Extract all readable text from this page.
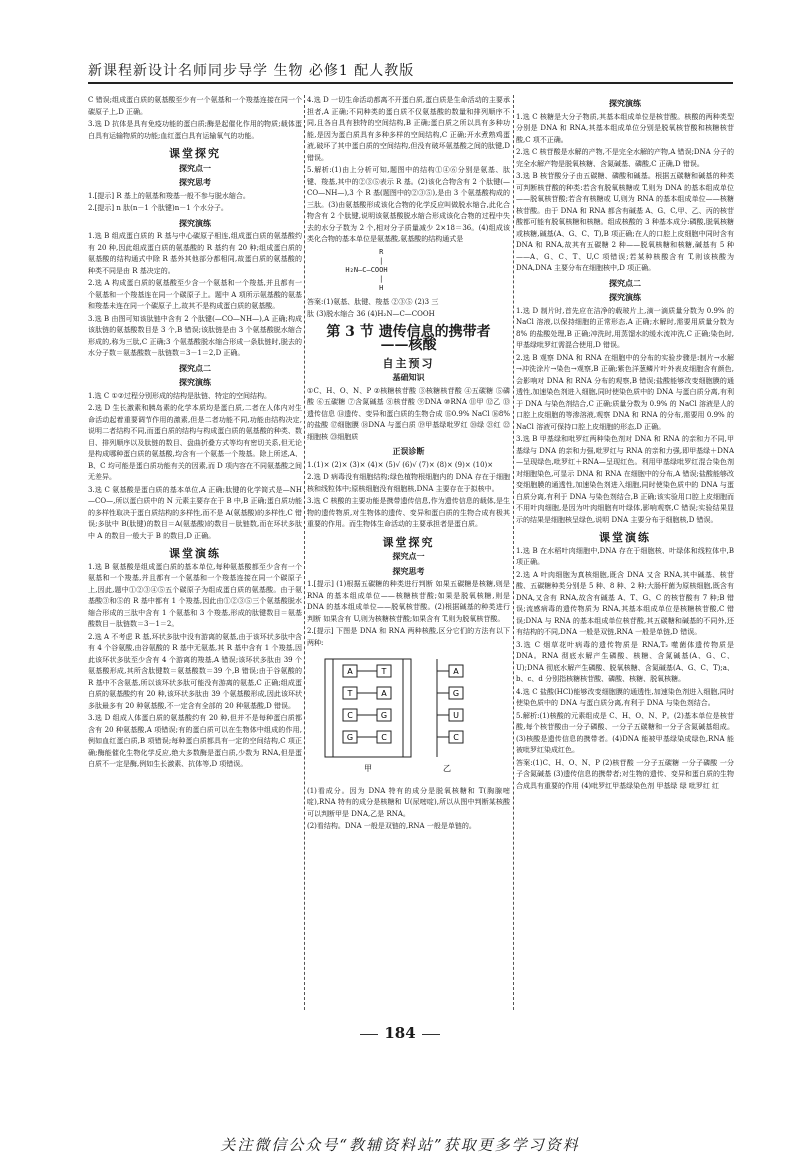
新课程新设计名师同步导学 生物 必修1 配人教版

C 错误;组成蛋白质的氨基酸至少有一个氨基和一个羧基连接在同一个碳原子上,D 正确。

3.选 D 抗体是具有免疫功能的蛋白质;酶是起催化作用的物质;载体蛋白具有运输物质的功能;血红蛋白具有运输氧气的功能。

课堂探究
探究点一
探究思考

1.[提示] R 基上的氨基和羧基一般不参与脱水缩合。

2.[提示] n 肽(n－1 个肽键)n－1 个水分子。

探究演练

1.选 B 组成蛋白质的 R 基与中心碳原子相连,组成蛋白质的氨基酸约有 20 种,因此组成蛋白质的氨基酸的 R 基约有 20 种;组成蛋白质的氨基酸的结构通式中除 R 基外其他部分都相同,故蛋白质的氨基酸的种类不同是由 R 基决定的。

2.选 A 构成蛋白质的氨基酸至少含一个氨基和一个羧基,并且都有一个氨基和一个羧基连在同一个碳原子上。题中 A 项所示氨基酸的氨基和羧基未连在同一个碳原子上,故其不是构成蛋白质的氨基酸。

3.选 B 由图可知该肽链中含有 2 个肽键(—CO—NH—),A 正确;构成该肽链的氨基酸数目是 3 个,B 错误;该肽链是由 3 个氨基酸脱水缩合形成的,称为三肽,C 正确;3 个氨基酸脱水缩合形成一条肽链时,脱去的水分子数＝氨基酸数－肽链数＝3－1＝2,D 正确。

探究点二
探究演练

1.选 C ①②过程分别形成的结构是肽链、特定的空间结构。

2.选 D 生长激素和胰岛素的化学本质均是蛋白质,二者在人体内对生命活动起着重要调节作用的激素,但是二者功能不同,功能由结构决定,说明二者结构不同,而蛋白质的结构与构成蛋白质的氨基酸的种类、数目、排列顺序以及肽链的数目、盘曲折叠方式等均有密切关系,但无论是构成哪种蛋白质的氨基酸,均含有一个氨基一个羧基。除上所述,A、B、C 均可能是蛋白质功能有关的因素,而 D 项内容在不同氨基酸之间无差异。

3.选 C 氨基酸是蛋白质的基本单位,A 正确;肽键的化学简式是—NH—CO—,所以蛋白质中的 N 元素主要存在于 B 中,B 正确;蛋白质功能的多样性取决于蛋白质结构的多样性,而不是 A(氨基酸)的多样性,C 错误;多肽中 B(肽键)的数目＝A(氨基酸)的数目－肽链数,而在环状多肽中 A 的数目一般大于 B 的数目,D 正确。

课堂演练

1.选 B 氨基酸是组成蛋白质的基本单位,每种氨基酸都至少含有一个氨基和一个羧基,并且都有一个氨基和一个羧基连接在同一个碳原子上,因此,题中①②③④⑤五个碳原子为组成蛋白质的氨基酸。由于氨基酸③和⑤的 R 基中都有 1 个羧基,因此由①②③⑤三个氨基酸脱水缩合形成的三肽中含有 1 个氨基和 3 个羧基,形成的肽键数目＝氨基酸数目－肽链数＝3－1＝2。

2.选 A 不考虑 R 基,环状多肽中没有游离的氨基,由于该环状多肽中含有 4 个谷氨酸,由谷氨酸的 R 基中无氨基,其 R 基中含有 1 个羧基,因此该环状多肽至少含有 4 个游离的羧基,A 错误;该环状多肽由 39 个氨基酸形成,其所含肽键数＝氨基酸数＝39 个,B 错误;由于谷氨酸的 R 基中不含氨基,所以该环状多肽可能没有游离的氨基,C 正确;组成蛋白质的氨基酸约有 20 种,该环状多肽由 39 个氨基酸形成,因此该环状多肽最多有 20 种氨基酸,不一定含有全部的 20 种氨基酸,D 错误。

3.选 D 组成人体蛋白质的氨基酸约有 20 种,但并不是每种蛋白质都含有 20 种氨基酸,A 项错误;有的蛋白质可以在生物体中组成的作用,例如血红蛋白质,B 项错误;每种蛋白质都具有一定的空间结构,C 项正确;酶能催化生物化学反应,绝大多数酶是蛋白质,少数为 RNA,但是蛋白质不一定是酶,例如生长激素、抗体等,D 项错误。

4.选 D 一切生命活动都离不开蛋白质,蛋白质是生命活动的主要承担者,A 正确;不同种类的蛋白质不仅氨基酸的数量和排列顺序不同,且各自具有独特的空间结构,B 正确;蛋白质之所以具有多种功能,是因为蛋白质具有多种多样的空间结构,C 正确;开水煮熟鸡蛋液,破坏了其中蛋白质的空间结构,但没有破坏氨基酸之间的肽键,D 错误。

5.解析:(1)由上分析可知,题图中的结构①④⑥分别是氨基、肽键、羧基,其中的②③⑤表示 R 基。(2)该化合物含有 2 个肽键(—CO—NH—),3 个 R 基(题图中的②③⑤),是由 3 个氨基酸构成的三肽。(3)由氨基酸形成该化合物的化学反应叫做脱水缩合,此化合物含有 2 个肽键,说明该氨基酸脱水缩合形成该化合物的过程中失去的水分子数为 2 个,相对分子质量减少 2×18＝36。(4)组成该类化合物的基本单位是氨基酸,氨基酸的结构通式是

R
|
H₂N—C—COOH
|
H

答案:(1)氨基、肽键、羧基 ②③⑤ (2)3 三

肽 (3)脱水缩合 36 (4)H₂N—C—COOH

第 3 节 遗传信息的携带者
——核酸
自主预习
基础知识

①C、H、O、N、P ②核糖核苷酸 ③核糖核苷酸 ④五碳糖 ⑤磷酸 ⑥五碳糖 ⑦含氮碱基 ⑧核苷酸 ⑨DNA ⑩RNA ⑪甲 ⑫乙 ⑬遗传信息 ⑭遗传、变异和蛋白质的生物合成 ⑮0.9% NaCl ⑯8%的盐酸 ⑰细胞膜 ⑱DNA 与蛋白质 ⑲甲基绿吡罗红 ⑳绿 ㉑红 ㉒细胞核 ㉓细胞质

正误诊断

1.(1)× (2)× (3)× (4)× (5)√ (6)√ (7)× (8)× (9)× (10)×

2.选 D 病毒没有细胞结构;绿色植物根细胞内的 DNA 存在于细胞核和线粒体中;原核细胞没有细胞核,DNA 主要存在于拟核中。

3.选 C 核酸的主要功能是携带遗传信息,作为遗传信息的载体,是生物的遗传物质,对生物体的遗传、变异和蛋白质的生物合成有极其重要的作用。而生物体生命活动的主要承担者是蛋白质。

课堂探究
探究点一
探究思考

1.[提示] (1)根据五碳糖的种类进行判断 如果五碳糖是核糖,则是 RNA 的基本组成单位——核糖核苷酸;如果是脱氧核糖,则是 DNA 的基本组成单位——脱氧核苷酸。(2)根据碱基的种类进行判断 如果含有 U,则为核糖核苷酸;如果含有 T,则为脱氧核苷酸。

2.[提示] 下图是 DNA 和 RNA 两种核酸,区分它们的方法有以下两种:

A	T
T	A
C	G
G	C
甲
A
G
U
C
乙

(1)看成分。因为 DNA 特有的成分是脱氧核糖和 T(胸腺嘧啶),RNA 特有的成分是核糖和 U(尿嘧啶),所以从图中判断某核酸可以判断甲是 DNA,乙是 RNA。

(2)看结构。DNA 一般是双链的,RNA 一般是单链的。

探究演练

1.选 C 核糖是大分子物质,其基本组成单位是核苷酸。核酸的两种类型分别是 DNA 和 RNA,其基本组成单位分别是脱氧核苷酸和核糖核苷酸,C 项不正确。

2.选 C 核苷酸是水解的产物,不是完全水解的产物,A 错误;DNA 分子的完全水解产物是脱氧核糖、含氮碱基、磷酸,C 正确,D 错误。

3.选 B 核苷酸分子由五碳糖、磷酸和碱基。根据五碳糖和碱基的种类可判断核苷酸的种类:若含有脱氧核糖或 T,则为 DNA 的基本组成单位——脱氧核苷酸;若含有核糖或 U,则为 RNA 的基本组成单位——核糖核苷酸。由于 DNA 和 RNA 都含有碱基 A、G、C,甲、乙、丙的核苷酸都可能有脱氧核糖和核糖。组成核酸的 3 种基本成分:磷酸,脱氧核糖或核糖,碱基(A、G、C、T),B 项正确;在人的口腔上皮细胞中同时含有 DNA 和 RNA,故其有五碳糖 2 种——脱氧核糖和核糖,碱基有 5 种——A、G、C、T、U,C 项错误;若某种核酸含有 T,则该核酸为 DNA,DNA 主要分布在细胞核中,D 项正确。

探究点二
探究演练

1.选 D 制片时,首先应在洁净的载玻片上,滴一滴质量分数为 0.9% 的 NaCl 溶液,以保持细胞的正常形态,A 正确;水解时,需要用质量分数为 8% 的盐酸处理,B 正确;冲洗时,用蒸馏水的缓水流冲洗,C 正确;染色时,甲基绿吡罗红需混合使用,D 错误。

2.选 B 观察 DNA 和 RNA 在细胞中的分布的实验步骤是:制片→水解→冲洗涂片→染色→观察,B 正确;紫色洋葱鳞片叶外表皮细胞含有颜色,会影响对 DNA 和 RNA 分布的观察,B 错误;盐酸能够改变细胞膜的通透性,加速染色剂进入细胞,同时使染色质中的 DNA 与蛋白质分离,有利于 DNA 与染色剂结合,C 正确;质量分数为 0.9% 的 NaCl 溶液是人的口腔上皮细胞的等渗溶液,观察 DNA 和 RNA 的分布,需要用 0.9% 的 NaCl 溶液可保持口腔上皮细胞的形态,D 正确。

3.选 B 甲基绿和吡罗红两种染色剂对 DNA 和 RNA 的亲和力不同,甲基绿与 DNA 的亲和力强,吡罗红与 RNA 的亲和力强,即甲基绿＋DNA—呈现绿色,吡罗红＋RNA—呈现红色。利用甲基绿吡罗红混合染色剂对细胞染色,可显示 DNA 和 RNA 在细胞中的分布,A 错误;盐酸能够改变细胞膜的通透性,加速染色剂进入细胞,同时使染色质中的 DNA 与蛋白质分离,有利于 DNA 与染色剂结合,B 正确;该实验用口腔上皮细胞而不用叶肉细胞,是因为叶肉细胞有叶绿体,影响观察,C 错误;实验结果显示的结果是细胞核呈绿色,说明 DNA 主要分布于细胞核,D 错误。

课堂演练

1.选 B 在水稻叶肉细胞中,DNA 存在于细胞核、叶绿体和线粒体中,B 项正确。

2.选 A 叶肉细胞为真核细胞,既含 DNA 又含 RNA,其中碱基、核苷酸、五碳糖种类分别是 5 种、8 种、2 种;大肠杆菌为原核细胞,既含有 DNA,又含有 RNA,故含有碱基 A、T、G、C 的核苷酸有 7 种;B 错误;流感病毒的遗传物质为 RNA,其基本组成单位是核糖核苷酸,C 错误;DNA 与 RNA 的基本组成单位核苷酸,其五碳糖和碱基的不同外,还有结构的不同,DNA 一般是双链,RNA 一般是单链,D 错误。

3.选 C 烟草花叶病毒的遗传物质是 RNA,T₂ 噬菌体遗传物质是 DNA。RNA 彻底水解产生磷酸、核糖、含氮碱基(A、G、C、U);DNA 彻底水解产生磷酸、脱氧核糖、含氮碱基(A、G、C、T);a、b、c、d 分别指核糖核苷酸、磷酸、核糖、脱氧核糖。

4.选 C 盐酸(HCl)能够改变细胞膜的通透性,加速染色剂进入细胞,同时使染色质中的 DNA 与蛋白质分离,有利于 DNA 与染色剂结合。

5.解析:(1)核酸的元素组成是 C、H、O、N、P。(2)基本单位是核苷酸,每个核苷酸由一分子磷酸、一分子五碳糖和一分子含氮碱基组成。(3)核酸是遗传信息的携带者。(4)DNA 能被甲基绿染成绿色,RNA 能被吡罗红染成红色。

答案:(1)C、H、O、N、P (2)核苷酸 一分子五碳糖 一分子磷酸 一分子含氮碱基 (3)遗传信息的携带者;对生物的遗传、变异和蛋白质的生物合成具有重要的作用 (4)吡罗红甲基绿染色剂 甲基绿 绿 吡罗红 红

184
关注微信公众号“教辅资料站”获取更多学习资料
